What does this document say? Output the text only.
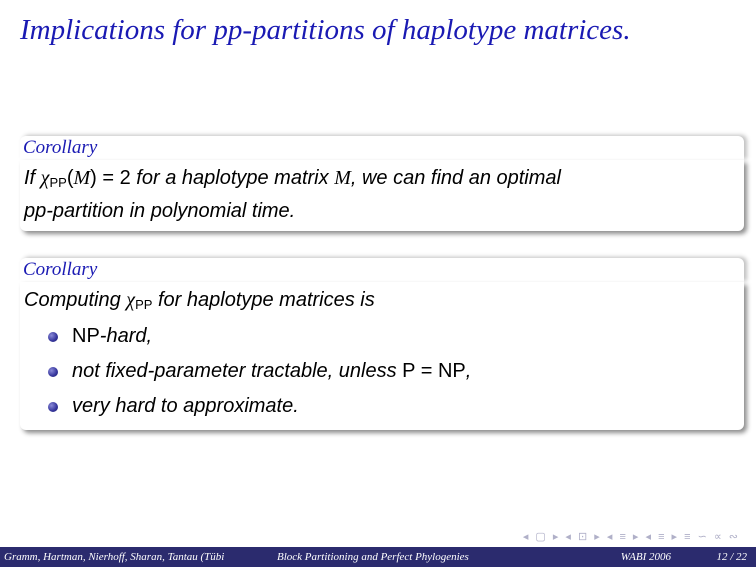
Implications for pp-partitions of haplotype matrices.
Corollary
If $\chi_{PP}(M) = 2$ for a haplotype matrix M, we can find an optimal
pp-partition in polynomial time.
Corollary
Computing $\chi_{PP}$ for haplotype matrices is
NP-hard,
not fixed-parameter tractable, unless P = NP,
very hard to approximate.
◂ ▢ ▸ ◂ ⊡ ▸ ◂ ≡ ▸ ◂ ≡ ▸ ≡ ∽ ∝ ∾
Gramm, Hartman, Nierhoff, Sharan, Tantau (Tübi	Block Partitioning and Perfect Phylogenies	WABI 2006	12 / 22
